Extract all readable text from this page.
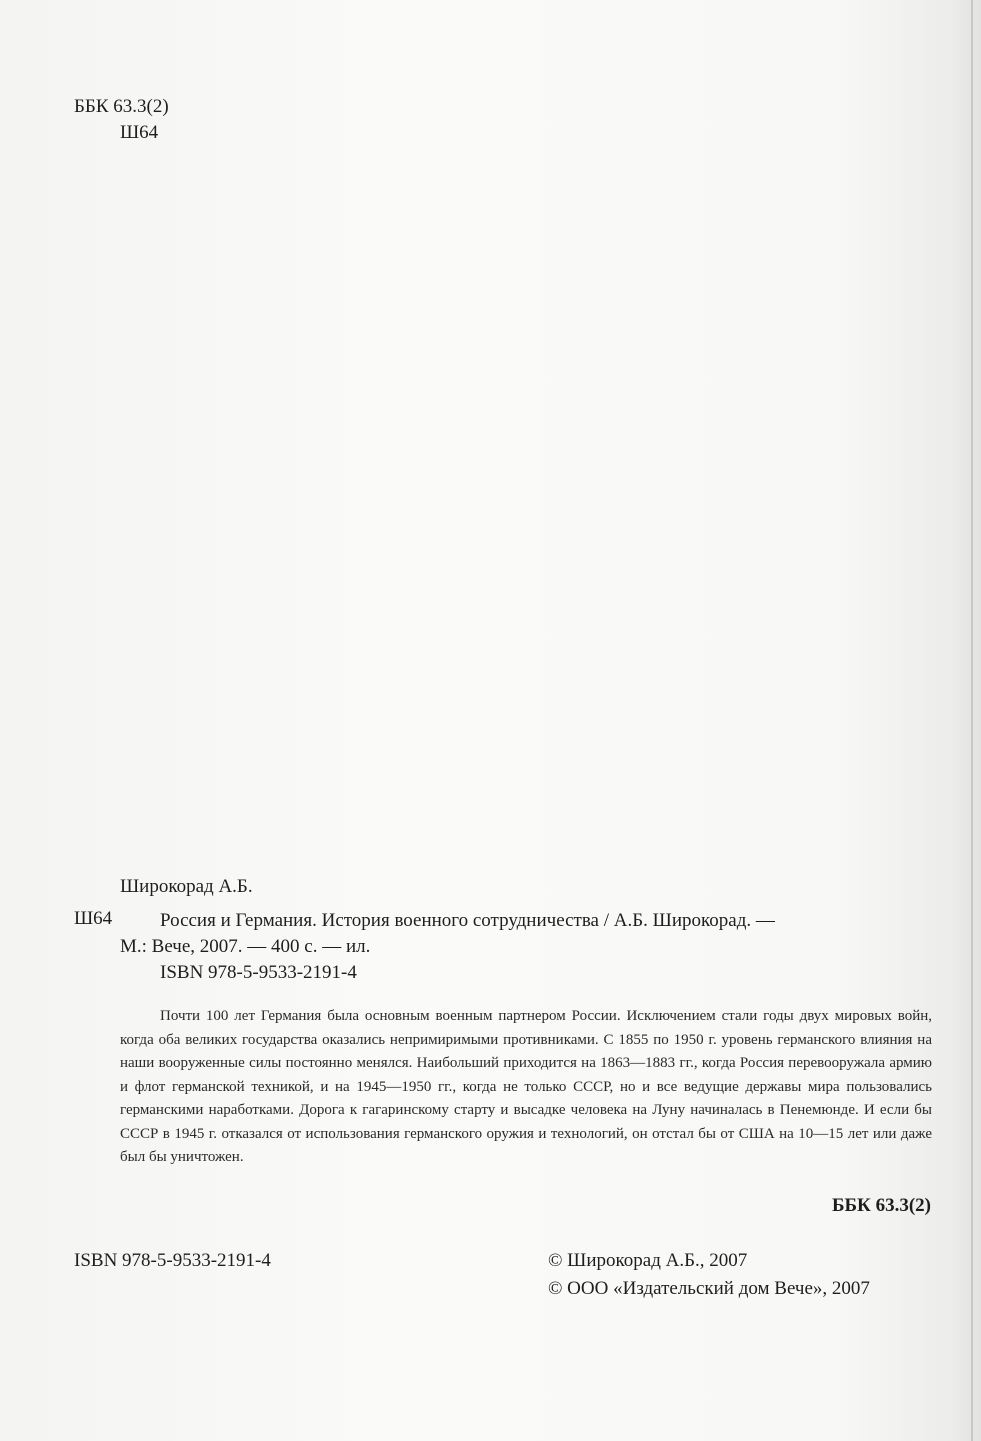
ББК 63.3(2)
Ш64
Широкорад А.Б.
Ш64	Россия и Германия. История военного сотрудничества / А.Б. Широкорад. —
М.: Вече, 2007. — 400 с. — ил.
ISBN 978-5-9533-2191-4
Почти 100 лет Германия была основным военным партнером России. Исключением стали годы двух мировых войн, когда оба великих государства оказались непримиримыми противниками. С 1855 по 1950 г. уровень германского влияния на наши вооруженные силы постоянно менялся. Наибольший приходится на 1863—1883 гг., когда Россия перевооружала армию и флот германской техникой, и на 1945—1950 гг., когда не только СССР, но и все ведущие державы мира пользовались германскими наработками. Дорога к гагаринскому старту и высадке человека на Луну начиналась в Пенемюнде. И если бы СССР в 1945 г. отказался от использования германского оружия и технологий, он отстал бы от США на 10—15 лет или даже был бы уничтожен.
ББК 63.3(2)
ISBN 978-5-9533-2191-4	© Широкорад А.Б., 2007
© ООО «Издательский дом Вече», 2007
